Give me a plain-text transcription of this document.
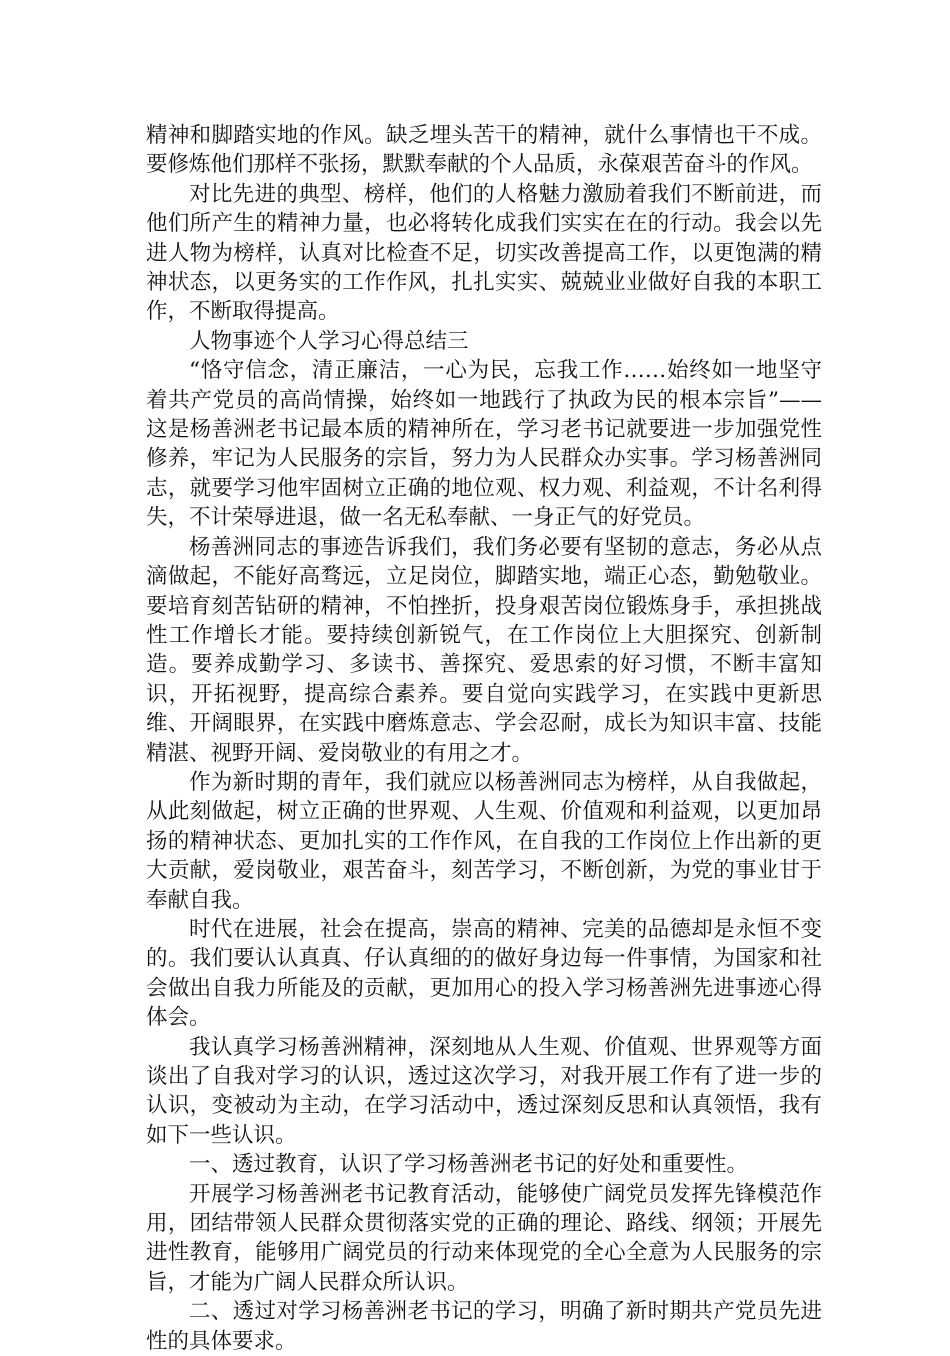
精神和脚踏实地的作风。缺乏埋头苦干的精神，就什么事情也干不成。要修炼他们那样不张扬，默默奉献的个人品质，永葆艰苦奋斗的作风。

对比先进的典型、榜样，他们的人格魅力激励着我们不断前进，而他们所产生的精神力量，也必将转化成我们实实在在的行动。我会以先进人物为榜样，认真对比检查不足，切实改善提高工作，以更饱满的精神状态，以更务实的工作作风，扎扎实实、兢兢业业做好自我的本职工作，不断取得提高。

人物事迹个人学习心得总结三

“恪守信念，清正廉洁，一心为民，忘我工作……始终如一地坚守着共产党员的高尚情操，始终如一地践行了执政为民的根本宗旨”——这是杨善洲老书记最本质的精神所在，学习老书记就要进一步加强党性修养，牢记为人民服务的宗旨，努力为人民群众办实事。学习杨善洲同志，就要学习他牢固树立正确的地位观、权力观、利益观，不计名利得失，不计荣辱进退，做一名无私奉献、一身正气的好党员。

杨善洲同志的事迹告诉我们，我们务必要有坚韧的意志，务必从点滴做起，不能好高骛远，立足岗位，脚踏实地，端正心态，勤勉敬业。要培育刻苦钻研的精神，不怕挫折，投身艰苦岗位锻炼身手，承担挑战性工作增长才能。要持续创新锐气，在工作岗位上大胆探究、创新制造。要养成勤学习、多读书、善探究、爱思索的好习惯，不断丰富知识，开拓视野，提高综合素养。要自觉向实践学习，在实践中更新思维、开阔眼界，在实践中磨炼意志、学会忍耐，成长为知识丰富、技能精湛、视野开阔、爱岗敬业的有用之才。

作为新时期的青年，我们就应以杨善洲同志为榜样，从自我做起，从此刻做起，树立正确的世界观、人生观、价值观和利益观，以更加昂扬的精神状态、更加扎实的工作作风，在自我的工作岗位上作出新的更大贡献，爱岗敬业，艰苦奋斗，刻苦学习，不断创新，为党的事业甘于奉献自我。

时代在进展，社会在提高，崇高的精神、完美的品德却是永恒不变的。我们要认认真真、仔认真细的的做好身边每一件事情，为国家和社会做出自我力所能及的贡献，更加用心的投入学习杨善洲先进事迹心得体会。

我认真学习杨善洲精神，深刻地从人生观、价值观、世界观等方面谈出了自我对学习的认识，透过这次学习，对我开展工作有了进一步的认识，变被动为主动，在学习活动中，透过深刻反思和认真领悟，我有如下一些认识。

一、透过教育，认识了学习杨善洲老书记的好处和重要性。

开展学习杨善洲老书记教育活动，能够使广阔党员发挥先锋模范作用，团结带领人民群众贯彻落实党的正确的理论、路线、纲领；开展先进性教育，能够用广阔党员的行动来体现党的全心全意为人民服务的宗旨，才能为广阔人民群众所认识。

二、透过对学习杨善洲老书记的学习，明确了新时期共产党员先进性的具体要求。
